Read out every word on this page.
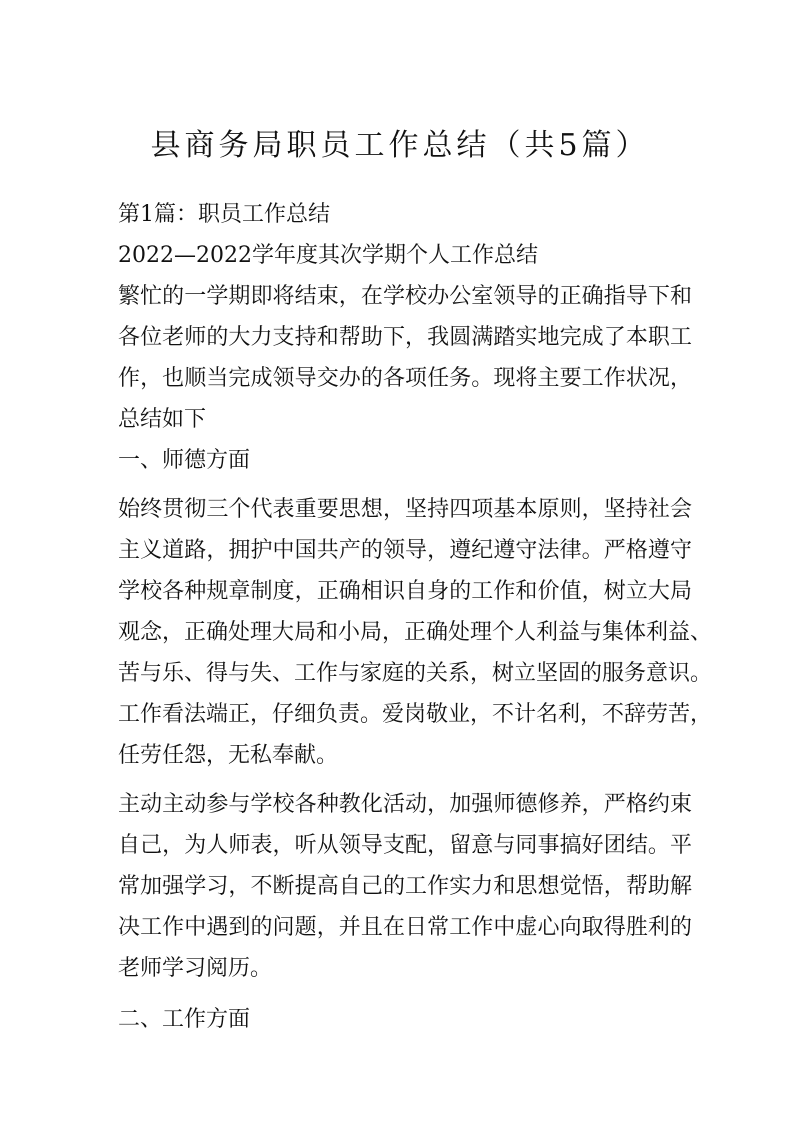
县商务局职员工作总结（共5篇）
第1篇：职员工作总结
2022—2022学年度其次学期个人工作总结
繁忙的一学期即将结束，在学校办公室领导的正确指导下和
各位老师的大力支持和帮助下，我圆满踏实地完成了本职工
作，也顺当完成领导交办的各项任务。现将主要工作状况，
总结如下
一、师德方面
始终贯彻三个代表重要思想，坚持四项基本原则，坚持社会
主义道路，拥护中国共产的领导，遵纪遵守法律。严格遵守
学校各种规章制度，正确相识自身的工作和价值，树立大局
观念，正确处理大局和小局，正确处理个人利益与集体利益、
苦与乐、得与失、工作与家庭的关系，树立坚固的服务意识。
工作看法端正，仔细负责。爱岗敬业，不计名利，不辞劳苦，
任劳任怨，无私奉献。
主动主动参与学校各种教化活动，加强师德修养，严格约束
自己，为人师表，听从领导支配，留意与同事搞好团结。平
常加强学习，不断提高自己的工作实力和思想觉悟，帮助解
决工作中遇到的问题，并且在日常工作中虚心向取得胜利的
老师学习阅历。
二、工作方面
